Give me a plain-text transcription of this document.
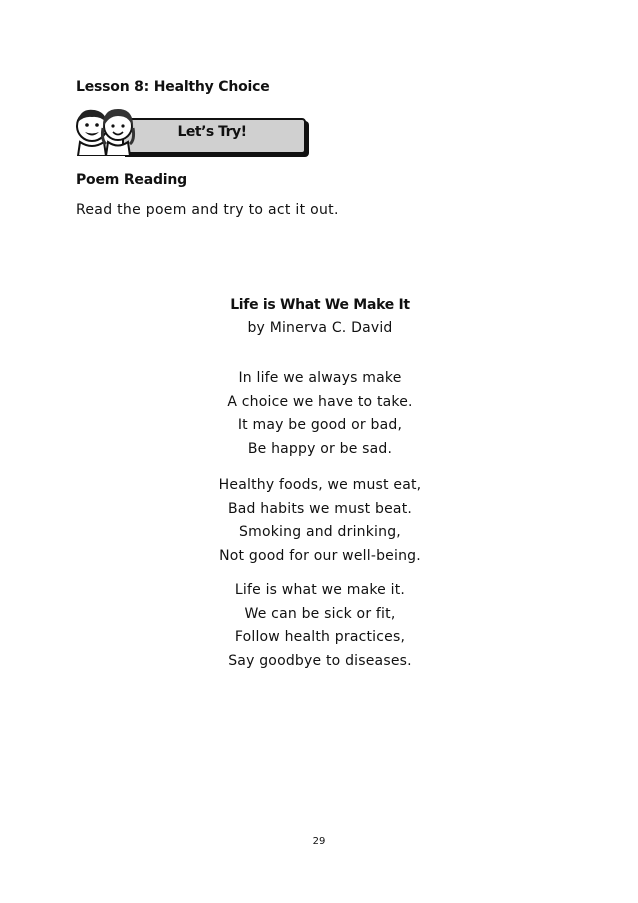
Lesson 8: Healthy Choice
Let’s Try!
Poem Reading
Read the poem and try to act it out.
Life is What We Make It
by Minerva C. David
In life we always make
A choice we have to take.
It may be good or bad,
Be happy or be sad.
Healthy foods, we must eat,
Bad habits we must beat.
Smoking and drinking,
Not good for our well-being.
Life is what we make it.
We can be sick or fit,
Follow health practices,
Say goodbye to diseases.
29
